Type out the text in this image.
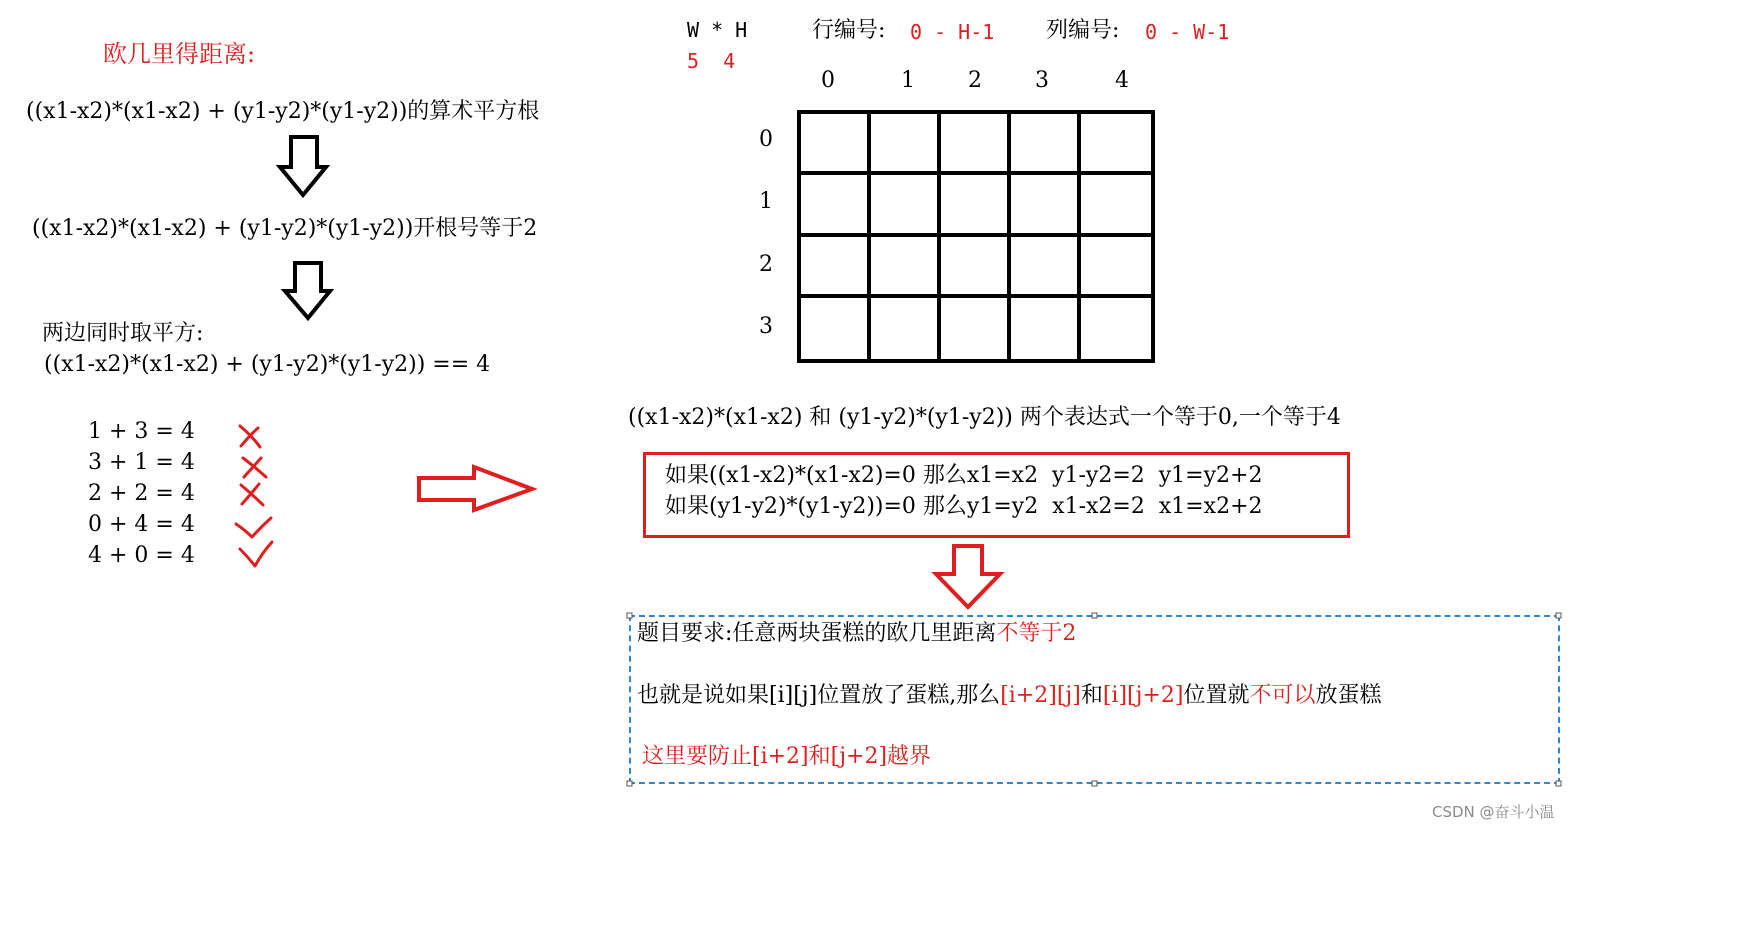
欧几里得距离:
((x1-x2)*(x1-x2) + (y1-y2)*(y1-y2))的算术平方根
((x1-x2)*(x1-x2) + (y1-y2)*(y1-y2))开根号等于2
两边同时取平方:
((x1-x2)*(x1-x2) + (y1-y2)*(y1-y2)) == 4
1 + 3 = 4
3 + 1 = 4
2 + 2 = 4
0 + 4 = 4
4 + 0 = 4
W * H
5  4
行编号: 0 - H-1 列编号: 0 - W-1
0	1 2 3	4
0
1
2
3
((x1-x2)*(x1-x2) 和 (y1-y2)*(y1-y2)) 两个表达式一个等于0,一个等于4
如果((x1-x2)*(x1-x2)=0 那么x1=x2  y1-y2=2  y1=y2+2
如果(y1-y2)*(y1-y2))=0 那么y1=y2  x1-x2=2  x1=x2+2
题目要求:任意两块蛋糕的欧几里距离不等于2
也就是说如果[i][j]位置放了蛋糕,那么[i+2][j]和[i][j+2]位置就不可以放蛋糕
这里要防止[i+2]和[j+2]越界
CSDN @奋斗小温
